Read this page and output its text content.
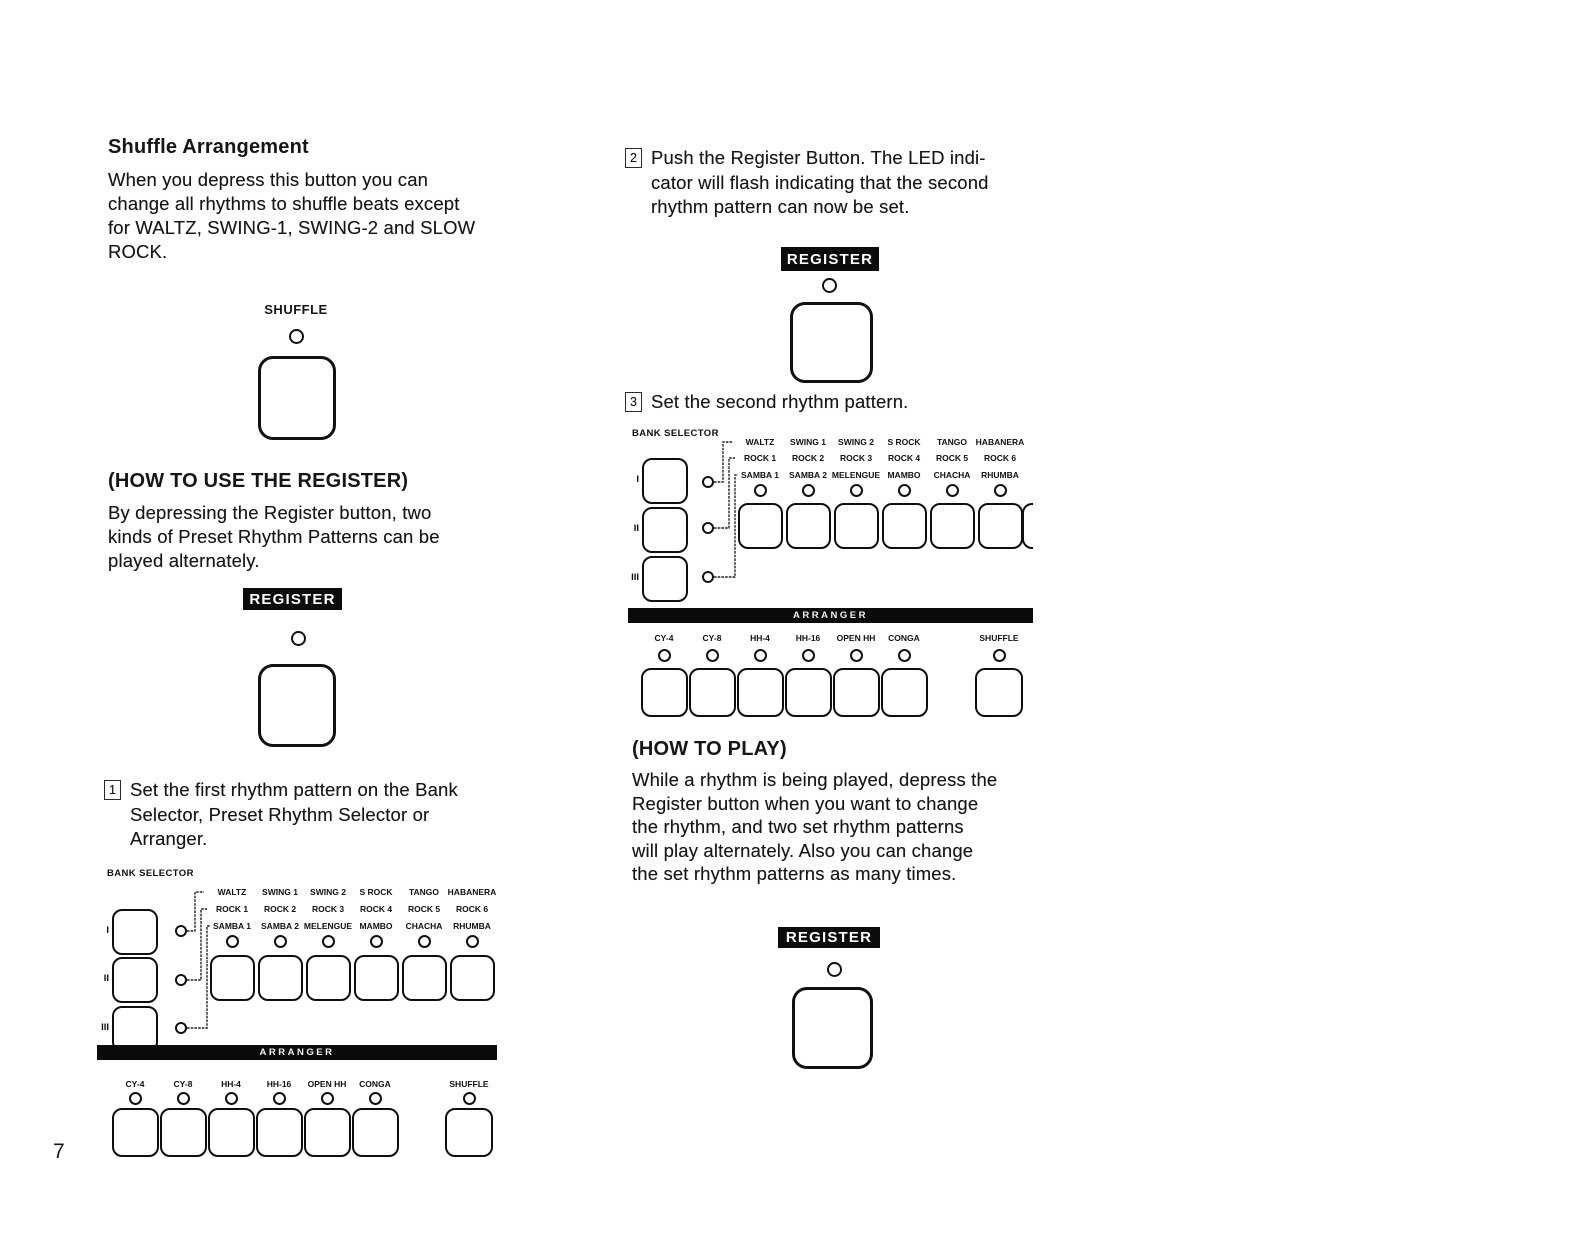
Shuffle Arrangement
When you depress this button you can
change all rhythms to shuffle beats except
for WALTZ, SWING-1, SWING-2 and SLOW
ROCK.
SHUFFLE
(HOW TO USE THE REGISTER)
By depressing the Register button, two
kinds of Preset Rhythm Patterns can be
played alternately.
REGISTER
1 Set the first rhythm pattern on the Bank
Selector, Preset Rhythm Selector or
Arranger.
BANK SELECTOR
I
II
III
WALTZ
ROCK 1
SAMBA 1
SWING 1
ROCK 2
SAMBA 2
SWING 2
ROCK 3
MELENGUE
S ROCK
ROCK 4
MAMBO
TANGO
ROCK 5
CHACHA
HABANERA
ROCK 6
RHUMBA
ARRANGER
CY-4	CY-8	HH-4	HH-16	OPEN HH	CONGA	SHUFFLE
7
2 Push the Register Button. The LED indi-
cator will flash indicating that the second
rhythm pattern can now be set.
REGISTER
3 Set the second rhythm pattern.
BANK SELECTOR
I
II
III
WALTZ
ROCK 1
SAMBA 1
SWING 1
ROCK 2
SAMBA 2
SWING 2
ROCK 3
MELENGUE
S ROCK
ROCK 4
MAMBO
TANGO
ROCK 5
CHACHA
HABANERA
ROCK 6
RHUMBA
ARRANGER
CY-4	CY-8	HH-4	HH-16	OPEN HH	CONGA	SHUFFLE
(HOW TO PLAY)
While a rhythm is being played, depress the
Register button when you want to change
the rhythm, and two set rhythm patterns
will play alternately. Also you can change
the set rhythm patterns as many times.
REGISTER
